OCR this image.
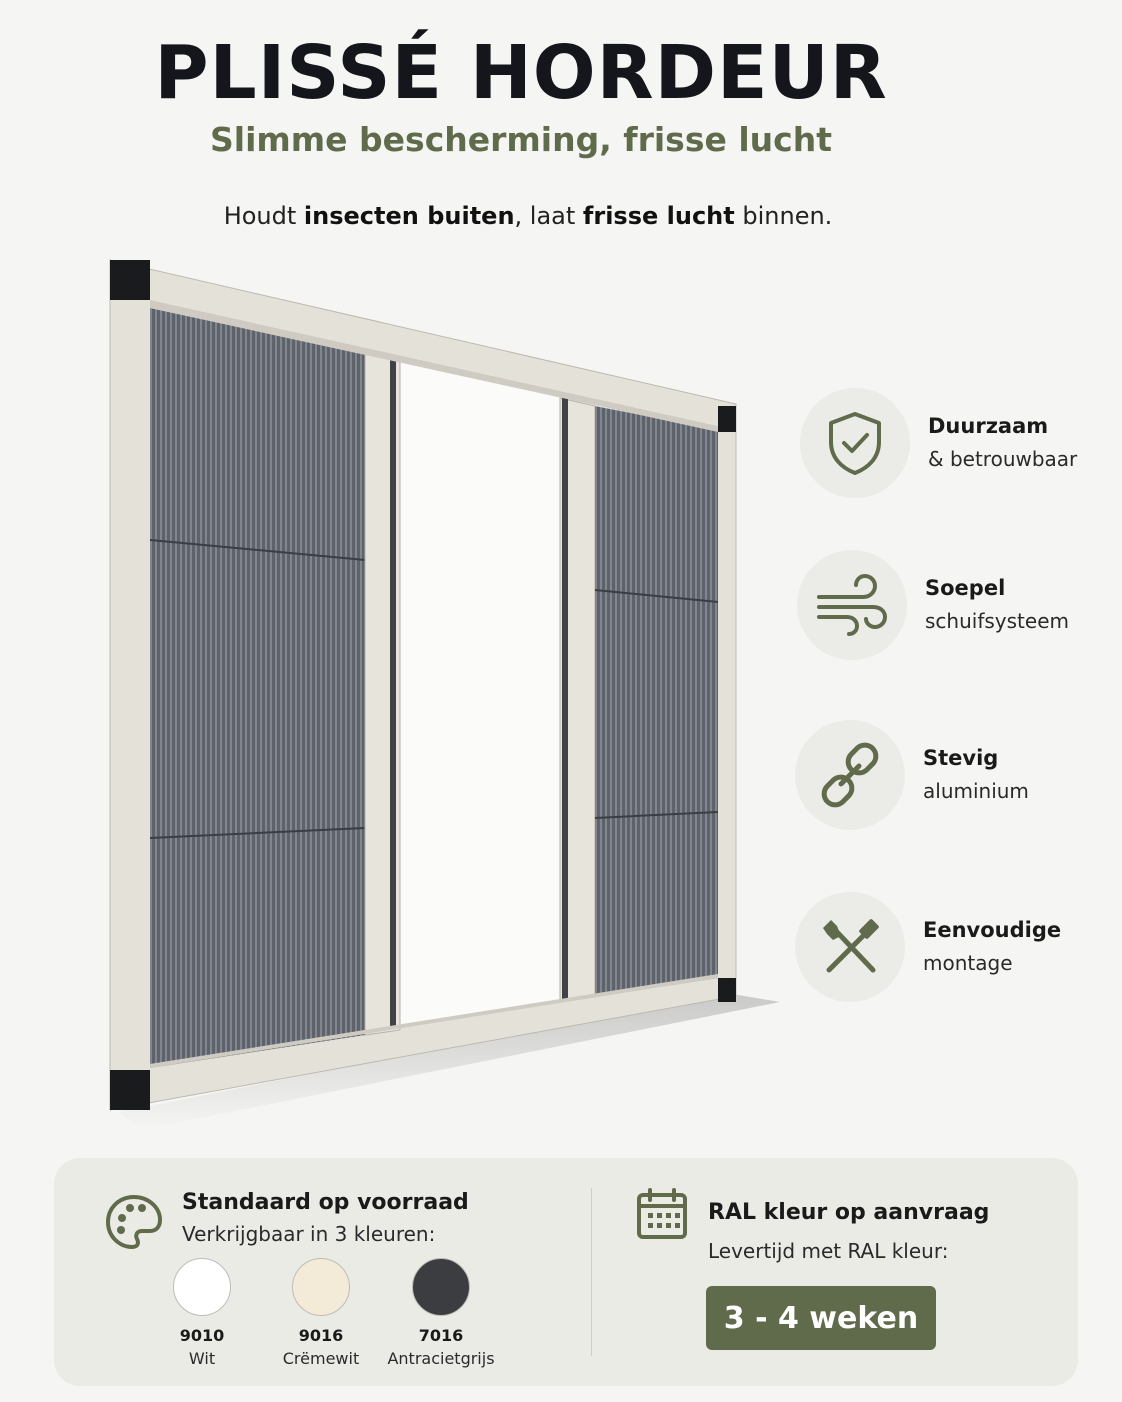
PLISSÉ HORDEUR
Slimme bescherming, frisse lucht

Houdt insecten buiten, laat frisse lucht binnen.

Duurzaam
& betrouwbaar
Soepel
schuifsysteem
Stevig
aluminium
Eenvoudige
montage
Standaard op voorraad
Verkrijgbaar in 3 kleuren:
9010
Wit
9016
Crëmewit
7016
Antracietgrijs
RAL kleur op aanvraag
Levertijd met RAL kleur:
3 - 4 weken
